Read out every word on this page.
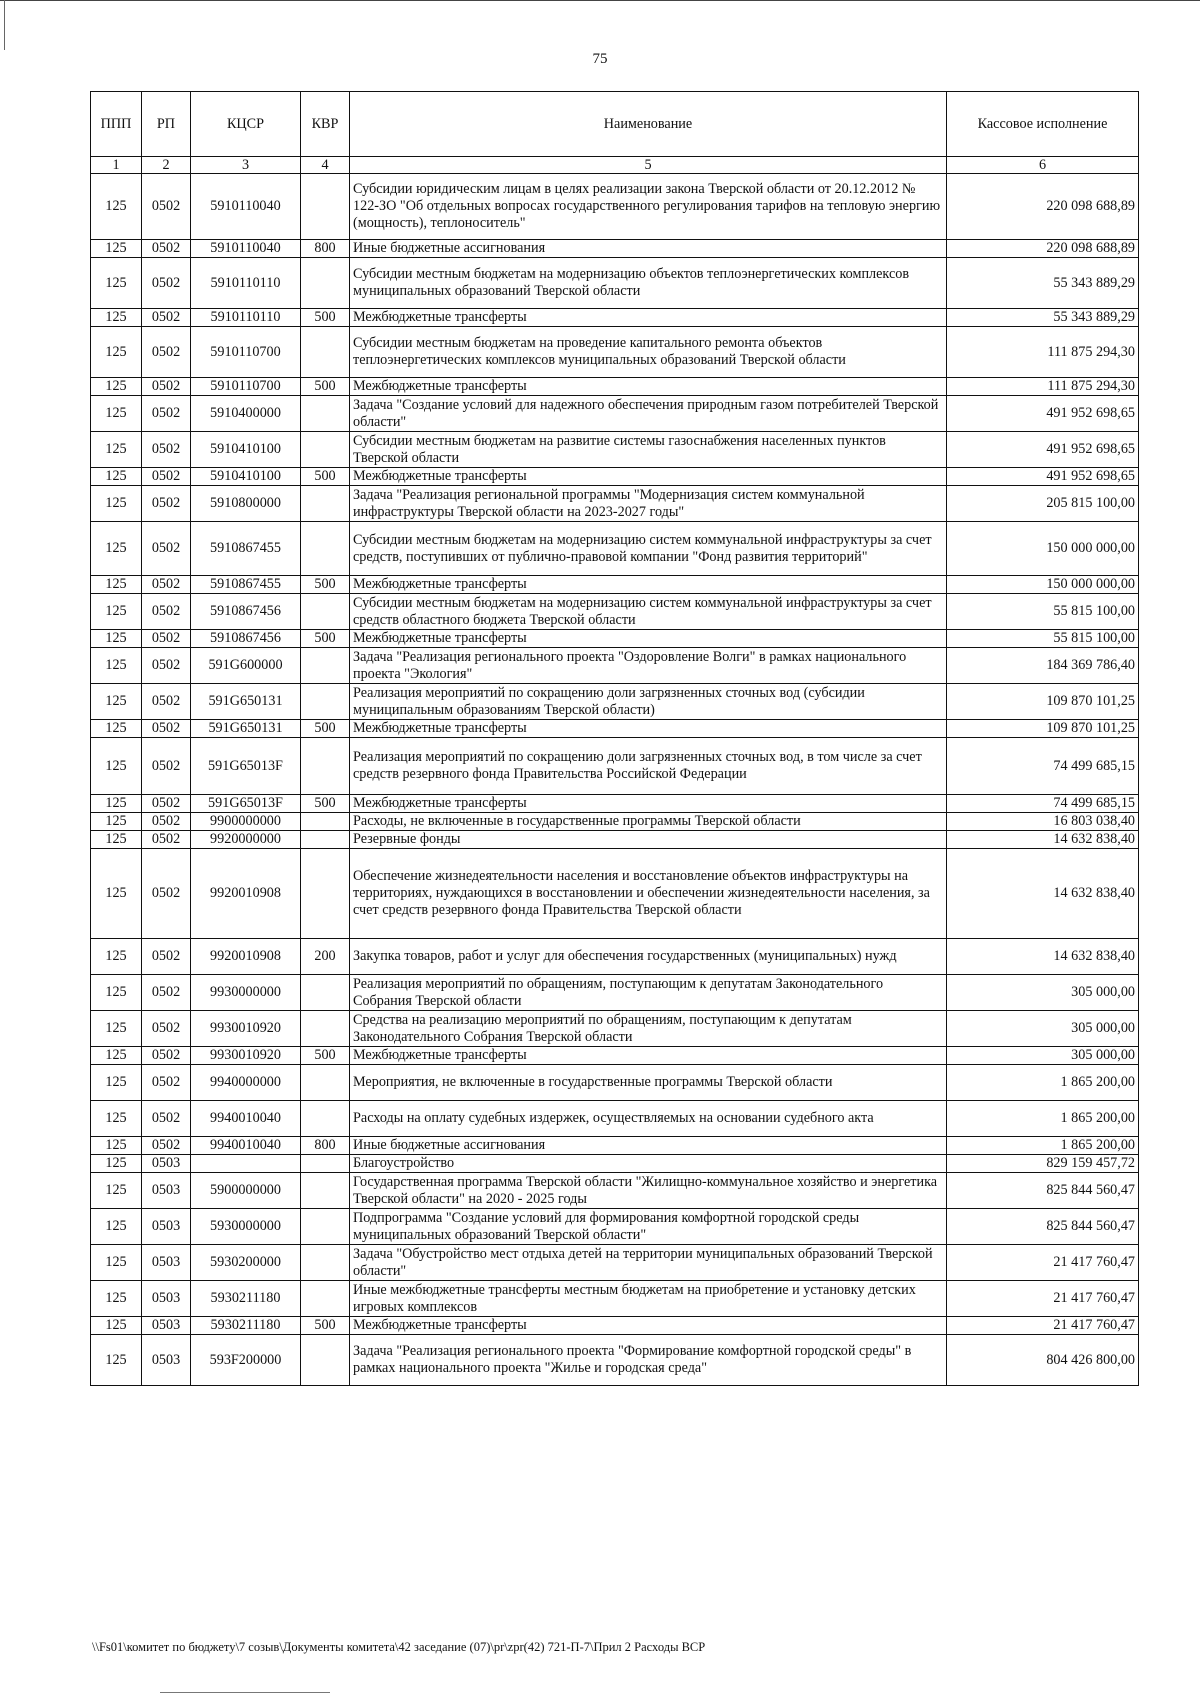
75
ППП	РП	КЦСР	КВР	Наименование	Кассовое исполнение
1	2	3	4	5	6
125	0502	5910110040		Субсидии юридическим лицам в целях реализации закона Тверской области от 20.12.2012 № 122-ЗО "Об отдельных вопросах государственного регулирования тарифов на тепловую энергию (мощность), теплоноситель"	220 098 688,89
125	0502	5910110040	800	Иные бюджетные ассигнования	220 098 688,89
125	0502	5910110110		Субсидии местным бюджетам на модернизацию объектов теплоэнергетических комплексов муниципальных образований Тверской области	55 343 889,29
125	0502	5910110110	500	Межбюджетные трансферты	55 343 889,29
125	0502	5910110700		Субсидии местным бюджетам на проведение капитального ремонта объектов теплоэнергетических комплексов муниципальных образований Тверской области	111 875 294,30
125	0502	5910110700	500	Межбюджетные трансферты	111 875 294,30
125	0502	5910400000		Задача "Создание условий для надежного обеспечения природным газом потребителей Тверской области"	491 952 698,65
125	0502	5910410100		Субсидии местным бюджетам на развитие системы газоснабжения населенных пунктов Тверской области	491 952 698,65
125	0502	5910410100	500	Межбюджетные трансферты	491 952 698,65
125	0502	5910800000		Задача "Реализация региональной программы "Модернизация систем коммунальной инфраструктуры Тверской области на 2023-2027 годы"	205 815 100,00
125	0502	5910867455		Субсидии местным бюджетам на модернизацию систем коммунальной инфраструктуры за счет средств, поступивших от публично-правовой компании "Фонд развития территорий"	150 000 000,00
125	0502	5910867455	500	Межбюджетные трансферты	150 000 000,00
125	0502	5910867456		Субсидии местным бюджетам на модернизацию систем коммунальной инфраструктуры за счет средств областного бюджета Тверской области	55 815 100,00
125	0502	5910867456	500	Межбюджетные трансферты	55 815 100,00
125	0502	591G600000		Задача "Реализация регионального проекта "Оздоровление Волги" в рамках национального проекта "Экология"	184 369 786,40
125	0502	591G650131		Реализация мероприятий по сокращению доли загрязненных сточных вод (субсидии муниципальным образованиям Тверской области)	109 870 101,25
125	0502	591G650131	500	Межбюджетные трансферты	109 870 101,25
125	0502	591G65013F		Реализация мероприятий по сокращению доли загрязненных сточных вод, в том числе за счет средств резервного фонда Правительства Российской Федерации	74 499 685,15
125	0502	591G65013F	500	Межбюджетные трансферты	74 499 685,15
125	0502	9900000000		Расходы, не включенные в государственные программы Тверской области	16 803 038,40
125	0502	9920000000		Резервные фонды	14 632 838,40
125	0502	9920010908		Обеспечение жизнедеятельности населения и восстановление объектов инфраструктуры на территориях, нуждающихся в восстановлении и обеспечении жизнедеятельности населения, за счет средств резервного фонда Правительства Тверской области	14 632 838,40
125	0502	9920010908	200	Закупка товаров, работ и услуг для обеспечения государственных (муниципальных) нужд	14 632 838,40
125	0502	9930000000		Реализация мероприятий по обращениям, поступающим к депутатам Законодательного Собрания Тверской области	305 000,00
125	0502	9930010920		Средства на реализацию мероприятий по обращениям, поступающим к депутатам Законодательного Собрания Тверской области	305 000,00
125	0502	9930010920	500	Межбюджетные трансферты	305 000,00
125	0502	9940000000		Мероприятия, не включенные в государственные программы Тверской области	1 865 200,00
125	0502	9940010040		Расходы на оплату судебных издержек, осуществляемых на основании судебного акта	1 865 200,00
125	0502	9940010040	800	Иные бюджетные ассигнования	1 865 200,00
125	0503			Благоустройство	829 159 457,72
125	0503	5900000000		Государственная программа Тверской области "Жилищно-коммунальное хозяйство и энергетика Тверской области" на 2020 - 2025 годы	825 844 560,47
125	0503	5930000000		Подпрограмма "Создание условий для формирования комфортной городской среды муниципальных образований Тверской области"	825 844 560,47
125	0503	5930200000		Задача "Обустройство мест отдыха детей на территории муниципальных образований Тверской области"	21 417 760,47
125	0503	5930211180		Иные межбюджетные трансферты местным бюджетам на приобретение и установку детских игровых комплексов	21 417 760,47
125	0503	5930211180	500	Межбюджетные трансферты	21 417 760,47
125	0503	593F200000		Задача "Реализация регионального проекта "Формирование комфортной городской среды" в рамках национального проекта "Жилье и городская среда"	804 426 800,00
\\Fs01\комитет по бюджету\7 созыв\Документы комитета\42 заседание (07)\pr\zpr(42) 721-П-7\Прил 2 Расходы ВСР
